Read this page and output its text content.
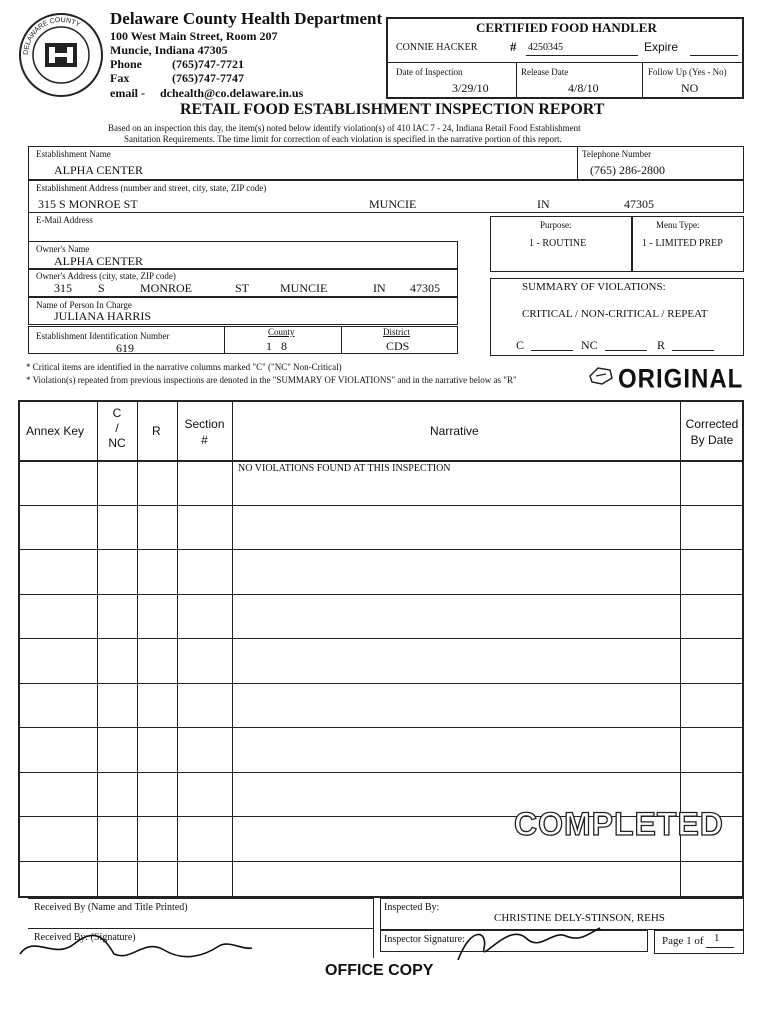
DELAWARE COUNTY Delaware County Health Department
100 West Main Street, Room 207
Muncie, Indiana 47305
Phone (765)747-7721
Fax	(765)747-7747
email - dchealth@co.delaware.in.us
CERTIFIED FOOD HANDLER
CONNIE HACKER	# 4250345	Expire
Date of Inspection
3/29/10
Release Date
4/8/10
Follow Up (Yes - No)
NO
RETAIL FOOD ESTABLISHMENT INSPECTION REPORT
Based on an inspection this day, the item(s) noted below identify violation(s) of 410 IAC 7 - 24, Indiana Retail Food Establishment
Sanitation Requirements. The time limit for correction of each violation is specified in the narrative portion of this report.
Establishment Name
ALPHA CENTER
Telephone Number
(765) 286-2800
Establishment Address (number and street, city, state, ZIP code)
315 S MONROE ST	MUNCIE	IN	47305
E-Mail Address	Purpose:
1 - ROUTINE
Menu Type:
1 - LIMITED PREP
Owner's Name
ALPHA CENTER
Owner's Address (city, state, ZIP code)
315 S	MONROE	ST	MUNCIE	IN 47305
Name of Person In Charge
JULIANA HARRIS
Establishment Identification Number
619
County
1   8
District
CDS
SUMMARY OF VIOLATIONS:
CRITICAL / NON-CRITICAL / REPEAT
C	NC	R
* Critical items are identified in the narrative columns marked "C" ("NC" Non-Critical)
* Violation(s) repeated from previous inspections are denoted in the "SUMMARY OF VIOLATIONS" and in the narrative below as "R"	ORIGINAL
Annex Key
C
/
NC
R	Section
#
Narrative	Corrected
By Date
NO VIOLATIONS FOUND AT THIS INSPECTION
COMPLETED
Received By (Name and Title Printed)
Received By: (Signature)
Inspected By:
CHRISTINE DELY-STINSON, REHS
Inspector Signature:	Page 1 of 1
OFFICE COPY
